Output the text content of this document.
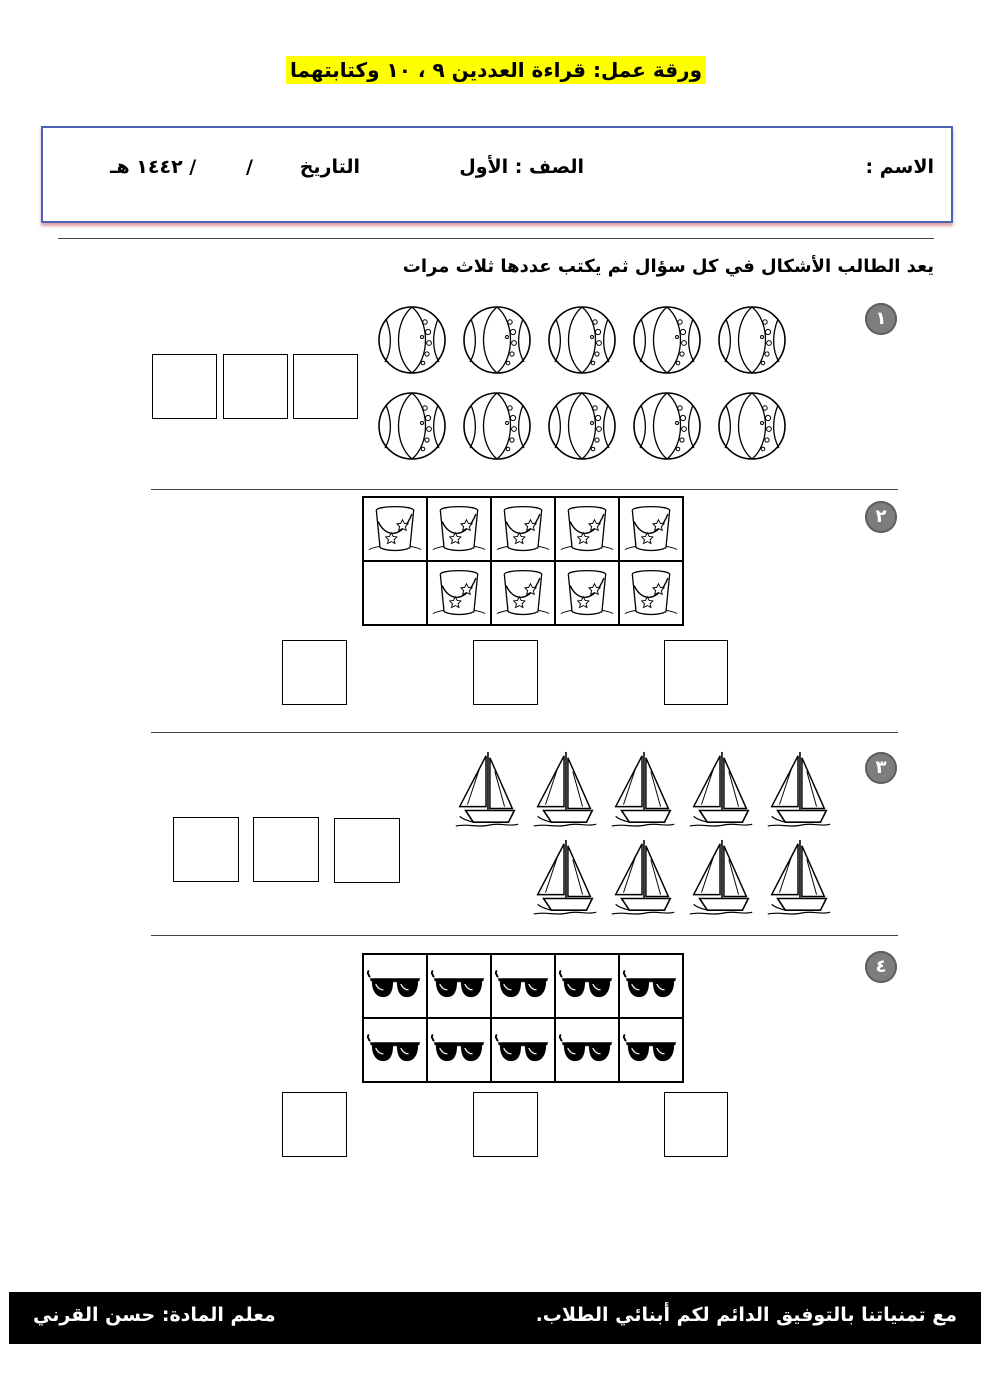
ورقة عمل: قراءة العددين ٩ ، ١٠ وكتابتهما
الاسم :
الصف : الأول
التاريخ
/
/ ١٤٤٢ هـ
يعد الطالب الأشكال في كل سؤال ثم يكتب عددها ثلاث مرات
١
٢
٣
٤
مع تمنياتنا بالتوفيق الدائم لكم أبنائي الطلاب.
معلم المادة: حسن القرني
